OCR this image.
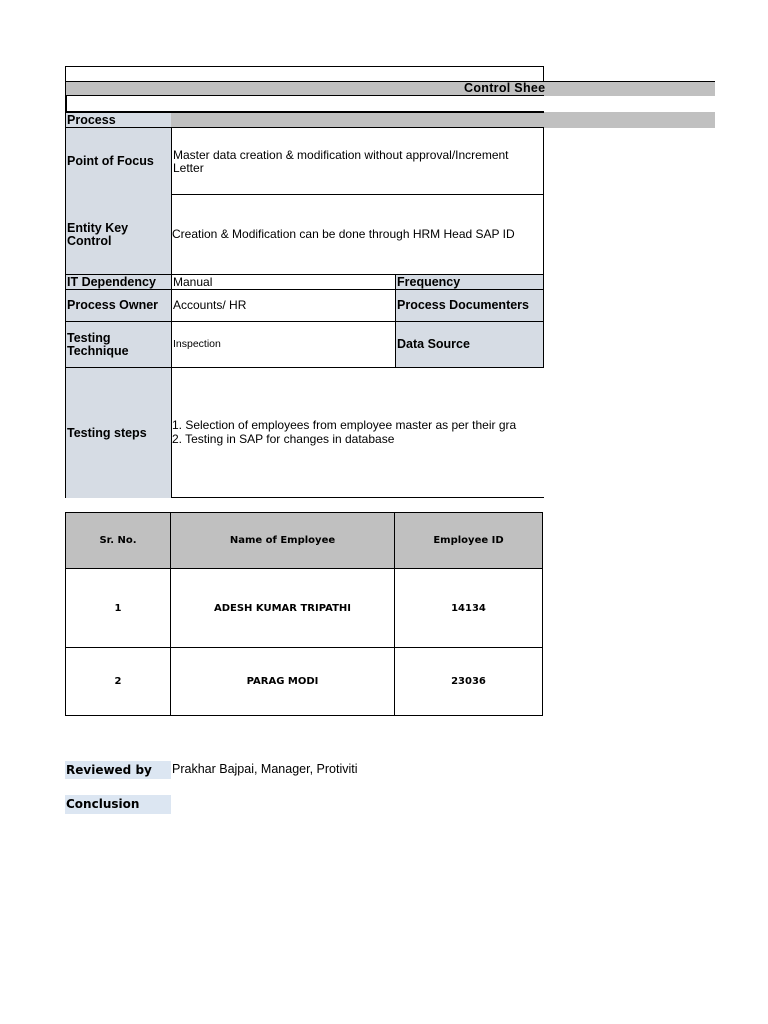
Control Shee
Process
Point of Focus	Master data creation & modification without approval/Increment
Letter
Entity Key
Control	Creation & Modification can be done through HRM Head SAP ID
IT Dependency	Manual	Frequency
Process Owner	Accounts/ HR	Process Documenters
Testing
Technique	Inspection	Data Source
Testing steps
1. Selection of employees from employee master as per their gra
2. Testing in SAP for changes in database
Sr. No.	Name of Employee	Employee ID
1	ADESH KUMAR TRIPATHI	14134
2	PARAG MODI	23036
Reviewed by	Prakhar Bajpai, Manager, Protiviti
Conclusion
